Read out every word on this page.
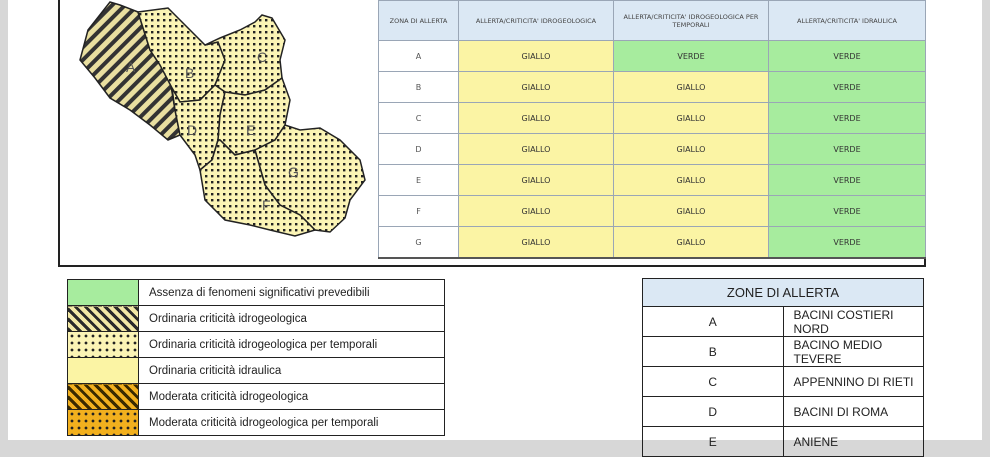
A	B
C
D	E
G
F
ZONA DI ALLERTA	ALLERTA/CRITICITA' IDROGEOLOGICA	ALLERTA/CRITICITA' IDROGEOLOGICA PER TEMPORALI	ALLERTA/CRITICITA' IDRAULICA
A	GIALLO	VERDE	VERDE
B	GIALLO	GIALLO	VERDE
C	GIALLO	GIALLO	VERDE
D	GIALLO	GIALLO	VERDE
E	GIALLO	GIALLO	VERDE
F	GIALLO	GIALLO	VERDE
G	GIALLO	GIALLO	VERDE
	Assenza di fenomeni significativi prevedibili
	Ordinaria criticità idrogeologica
	Ordinaria criticità idrogeologica per temporali
	Ordinaria criticità idraulica
	Moderata criticità idrogeologica
	Moderata criticità idrogeologica per temporali
ZONE DI ALLERTA	
A	BACINI COSTIERI NORD
B	BACINO MEDIO TEVERE
C	APPENNINO DI RIETI
D	BACINI DI ROMA
E	ANIENE
